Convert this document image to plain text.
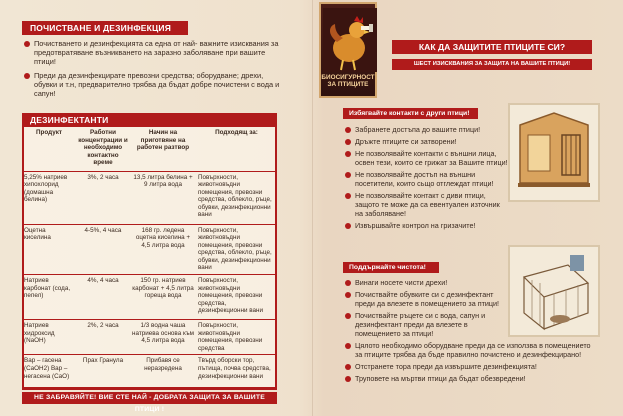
ПОЧИСТВАНЕ И ДЕЗИНФЕКЦИЯ
Почистването и дезинфекцията са една от най- важните изисквания за предотвратяване възникването на заразно заболяване при вашите птици!
Преди да дезинфекцирате превозни средства; оборудване; дрехи, обувки и т.н, предварително трябва да бъдат добре почистени с вода и сапун!
ДЕЗИНФЕКТАНТИ
Продукт	Работни концентрации и необходимо контактно време	Начин на приготвяне на работен разтвор	Подходящ за:
5,25% натриев хипохлорид (домашна белина)	3%, 2 часа	13,5 литра белина + 9 литра вода	Повърхности, животновъдни помещения, превозни средства, облекло, ръце, обувки, дезинфекционни вани
Оцетна киселина	4-5%, 4 часа	168 гр. ледена оцетна киселина + 4,5 литра вода	Повърхности, животновъдни помещения, превозни средства, облекло, ръце, обувки, дезинфекционни вани
Натриев карбонат (сода, пепел)	4%, 4 часа	150 гр. натриев карбонат + 4,5 литра гореща вода	Повърхности, животновъдни помещения, превозни средства, дезинфекционни вани
Натриев хидроксид (NaOH)	2%, 2 часа	1/3 водна чаша натриева основа към 4,5 литра вода	Повърхности, животновъдни помещения, превозни средства
Вар – гасена (CaOH2) Вар – негасена (CaO)	Прах Гранула	Прибавя се неразредена	Твърд оборски тор, пътища, почва средства, дезинфекционни вани
НЕ ЗАБРАВЯЙТЕ! ВИЕ СТЕ НАЙ - ДОБРАТА ЗАЩИТА ЗА ВАШИТЕ ПТИЦИ !
БИОСИГУРНОСТ
ЗА ПТИЦИТЕ
КАК ДА ЗАЩИТИТЕ ПТИЦИТЕ СИ?
ШЕСТ ИЗИСКВАНИЯ ЗА ЗАЩИТА НА ВАШИТЕ ПТИЦИ!
Избягвайте контакти с други птици!
Забранете достъпа до вашите птици!
Дръжте птиците си затворени!
Не позволявайте контакти с външни лица, освен тези, които се грижат за Вашите птици!
Не позволявайте достъп на външни посетители, които сьщо отглеждат птици!
Не позволявайте контакт с диви птици, защото те може да са евентуален източник на заболяване!
Извършвайте контрол на гризачите!
Поддържайте чистота!
Винаги носете чисти дрехи!
Почиствайте обувките си с дезинфектант преди да влезете в помещението за птици!
Почиствайте ръцете си с вода, сапун и дезинфектант преди да влезете в помещението за птици!
Цялото необходимо оборудване преди да се използва в помещението за птиците трябва да бъде правилно почистено и дезинфекцирано!
Отстранете тора преди да извършите дезинфекцията!
Труповете на мъртви птици да бъдат обезвредени!
